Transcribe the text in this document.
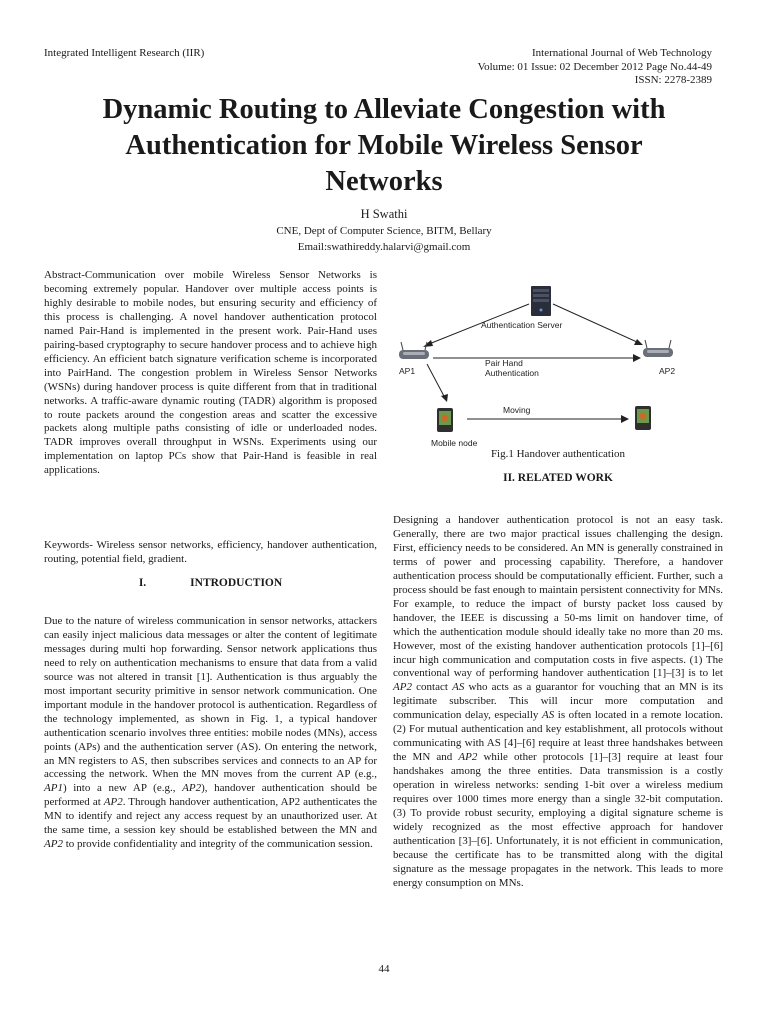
Integrated Intelligent Research (IIR)	International Journal of Web Technology
Volume: 01 Issue: 02 December 2012 Page No.44-49
ISSN: 2278-2389
Dynamic Routing to Alleviate Congestion with
Authentication for Mobile Wireless Sensor
Networks
H Swathi
CNE, Dept of Computer Science, BITM, Bellary
Email:swathireddy.halarvi@gmail.com
Abstract-Communication over mobile Wireless Sensor Networks is becoming extremely popular. Handover over multiple access points is highly desirable to mobile nodes, but ensuring security and efficiency of this process is challenging. A novel handover authentication protocol named Pair-Hand is implemented in the present work. Pair-Hand uses pairing-based cryptography to secure handover process and to achieve high efficiency. An efficient batch signature verification scheme is incorporated into PairHand. The congestion problem in Wireless Sensor Networks (WSNs) during handover process is quite different from that in traditional networks. A traffic-aware dynamic routing (TADR) algorithm is proposed to route packets around the congestion areas and scatter the excessive packets along multiple paths consisting of idle or underloaded nodes. TADR improves overall throughput in WSNs. Experiments using our implementation on laptop PCs show that Pair-Hand is feasible in real applications.
Keywords- Wireless sensor networks, efficiency, handover authentication, routing, potential field, gradient.
I.	INTRODUCTION
Due to the nature of wireless communication in sensor networks, attackers can easily inject malicious data messages or alter the content of legitimate messages during multi hop forwarding. Sensor network applications thus need to rely on authentication mechanisms to ensure that data from a valid source was not altered in transit [1]. Authentication is thus arguably the most important security primitive in sensor network communication. One important module in the handover protocol is authentication. Regardless of the technology implemented, as shown in Fig. 1, a typical handover authentication scenario involves three entities: mobile nodes (MNs), access points (APs) and the authentication server (AS). On entering the network, an MN registers to AS, then subscribes services and connects to an AP for accessing the network. When the MN moves from the current AP (e.g., AP1) into a new AP (e.g., AP2), handover authentication should be performed at AP2. Through handover authentication, AP2 authenticates the MN to identify and reject any access request by an unauthorized user. At the same time, a session key should be established between the MN and AP2 to provide confidentiality and integrity of the communication session.
Authentication Server
AP1	AP2
Pair Hand
Authentication
Mobile node
Moving
Fig.1 Handover authentication
II. RELATED WORK
Designing a handover authentication protocol is not an easy task. Generally, there are two major practical issues challenging the design. First, efficiency needs to be considered. An MN is generally constrained in terms of power and processing capability. Therefore, a handover authentication process should be computationally efficient. Further, such a process should be fast enough to maintain persistent connectivity for MNs. For example, to reduce the impact of bursty packet loss caused by handover, the IEEE is discussing a 50-ms limit on handover time, of which the authentication module should ideally take no more than 20 ms. However, most of the existing handover authentication protocols [1]–[6] incur high communication and computation costs in five aspects. (1) The conventional way of performing handover authentication [1]–[3] is to let AP2 contact AS who acts as a guarantor for vouching that an MN is its legitimate subscriber. This will incur more computation and communication delay, especially AS is often located in a remote location. (2) For mutual authentication and key establishment, all protocols without communicating with AS [4]–[6] require at least three handshakes between the MN and AP2 while other protocols [1]–[3] require at least four handshakes among the three entities. Data transmission is a costly operation in wireless networks: sending 1-bit over a wireless medium requires over 1000 times more energy than a single 32-bit computation. (3) To provide robust security, employing a digital signature scheme is widely recognized as the most effective approach for handover authentication [3]–[6]. Unfortunately, it is not efficient in communication, because the certificate has to be transmitted along with the digital signature as the message propagates in the network. This leads to more energy consumption on MNs.
44
